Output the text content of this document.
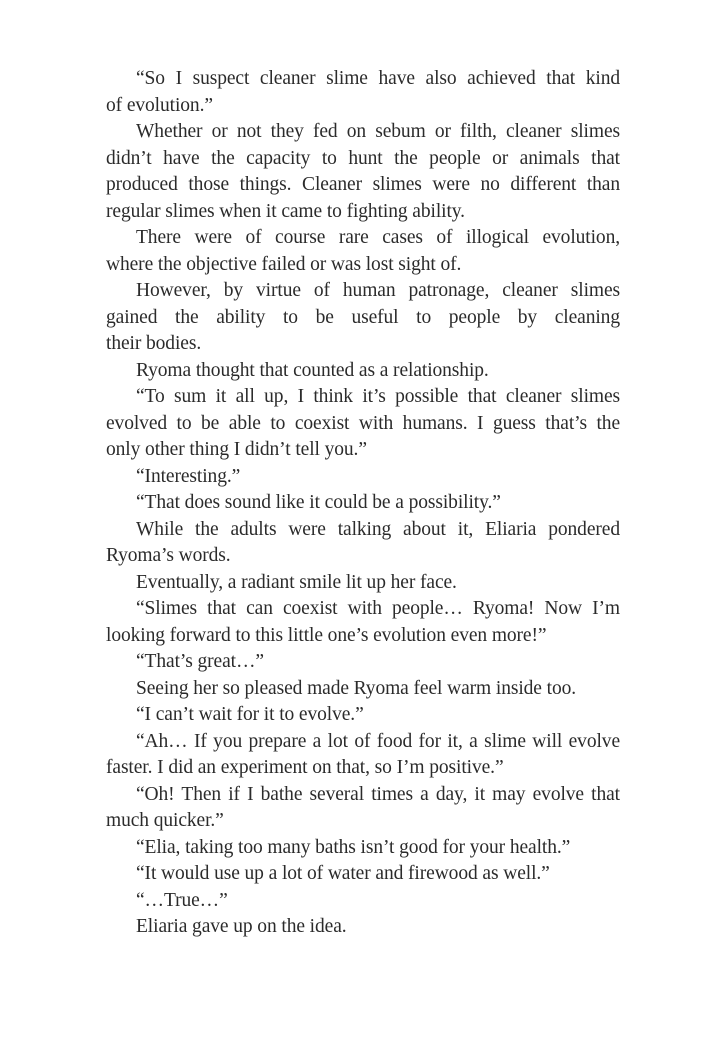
“So I suspect cleaner slime have also achieved that kind
of evolution.”
Whether or not they fed on sebum or filth, cleaner slimes
didn’t have the capacity to hunt the people or animals that
produced those things. Cleaner slimes were no different than
regular slimes when it came to fighting ability.
There were of course rare cases of illogical evolution,
where the objective failed or was lost sight of.
However, by virtue of human patronage, cleaner slimes
gained the ability to be useful to people by cleaning
their bodies.
Ryoma thought that counted as a relationship.
“To sum it all up, I think it’s possible that cleaner slimes
evolved to be able to coexist with humans. I guess that’s the
only other thing I didn’t tell you.”
“Interesting.”
“That does sound like it could be a possibility.”
While the adults were talking about it, Eliaria pondered
Ryoma’s words.
Eventually, a radiant smile lit up her face.
“Slimes that can coexist with people… Ryoma! Now I’m
looking forward to this little one’s evolution even more!”
“That’s great…”
Seeing her so pleased made Ryoma feel warm inside too.
“I can’t wait for it to evolve.”
“Ah… If you prepare a lot of food for it, a slime will evolve
faster. I did an experiment on that, so I’m positive.”
“Oh! Then if I bathe several times a day, it may evolve that
much quicker.”
“Elia, taking too many baths isn’t good for your health.”
“It would use up a lot of water and firewood as well.”
“…True…”
Eliaria gave up on the idea.
